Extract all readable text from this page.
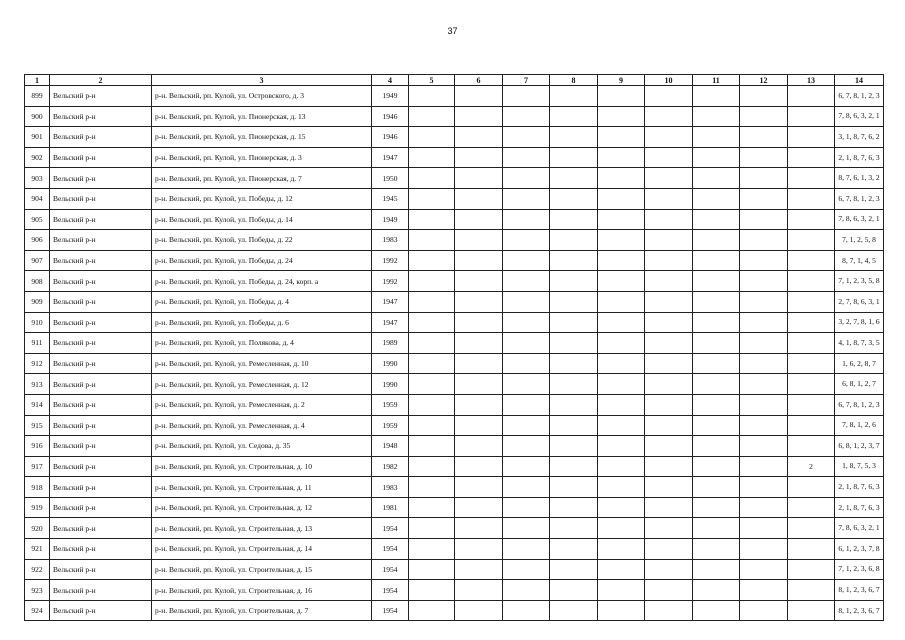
37
1	2	3	4	5	6	7	8	9	10	11	12	13	14
899	Вельский р-н	р-н. Вельский, рп. Кулой, ул. Островского, д. 3	1949										6, 7, 8, 1, 2, 3
900	Вельский р-н	р-н. Вельский, рп. Кулой, ул. Пионерская, д. 13	1946										7, 8, 6, 3, 2, 1
901	Вельский р-н	р-н. Вельский, рп. Кулой, ул. Пионерская, д. 15	1946										3, 1, 8, 7, 6, 2
902	Вельский р-н	р-н. Вельский, рп. Кулой, ул. Пионерская, д. 3	1947										2, 1, 8, 7, 6, 3
903	Вельский р-н	р-н. Вельский, рп. Кулой, ул. Пионерская, д. 7	1950										8, 7, 6, 1, 3, 2
904	Вельский р-н	р-н. Вельский, рп. Кулой, ул. Победы, д. 12	1945										6, 7, 8, 1, 2, 3
905	Вельский р-н	р-н. Вельский, рп. Кулой, ул. Победы, д. 14	1949										7, 8, 6, 3, 2, 1
906	Вельский р-н	р-н. Вельский, рп. Кулой, ул. Победы, д. 22	1983										7, 1, 2, 5, 8
907	Вельский р-н	р-н. Вельский, рп. Кулой, ул. Победы, д. 24	1992										8, 7, 1, 4, 5
908	Вельский р-н	р-н. Вельский, рп. Кулой, ул. Победы, д. 24, корп. а	1992										7, 1, 2, 3, 5, 8
909	Вельский р-н	р-н. Вельский, рп. Кулой, ул. Победы, д. 4	1947										2, 7, 8, 6, 3, 1
910	Вельский р-н	р-н. Вельский, рп. Кулой, ул. Победы, д. 6	1947										3, 2, 7, 8, 1, 6
911	Вельский р-н	р-н. Вельский, рп. Кулой, ул. Полякова, д. 4	1989										4, 1, 8, 7, 3, 5
912	Вельский р-н	р-н. Вельский, рп. Кулой, ул. Ремесленная, д. 10	1990										1, 6, 2, 8, 7
913	Вельский р-н	р-н. Вельский, рп. Кулой, ул. Ремесленная, д. 12	1990										6, 8, 1, 2, 7
914	Вельский р-н	р-н. Вельский, рп. Кулой, ул. Ремесленная, д. 2	1959										6, 7, 8, 1, 2, 3
915	Вельский р-н	р-н. Вельский, рп. Кулой, ул. Ремесленная, д. 4	1959										7, 8, 1, 2, 6
916	Вельский р-н	р-н. Вельский, рп. Кулой, ул. Седова, д. 35	1948										6, 8, 1, 2, 3, 7
917	Вельский р-н	р-н. Вельский, рп. Кулой, ул. Строительная, д. 10	1982									2	1, 8, 7, 5, 3
918	Вельский р-н	р-н. Вельский, рп. Кулой, ул. Строительная, д. 11	1983										2, 1, 8, 7, 6, 3
919	Вельский р-н	р-н. Вельский, рп. Кулой, ул. Строительная, д. 12	1981										2, 1, 8, 7, 6, 3
920	Вельский р-н	р-н. Вельский, рп. Кулой, ул. Строительная, д. 13	1954										7, 8, 6, 3, 2, 1
921	Вельский р-н	р-н. Вельский, рп. Кулой, ул. Строительная, д. 14	1954										6, 1, 2, 3, 7, 8
922	Вельский р-н	р-н. Вельский, рп. Кулой, ул. Строительная, д. 15	1954										7, 1, 2, 3, 6, 8
923	Вельский р-н	р-н. Вельский, рп. Кулой, ул. Строительная, д. 16	1954										8, 1, 2, 3, 6, 7
924	Вельский р-н	р-н. Вельский, рп. Кулой, ул. Строительная, д. 7	1954										8, 1, 2, 3, 6, 7
